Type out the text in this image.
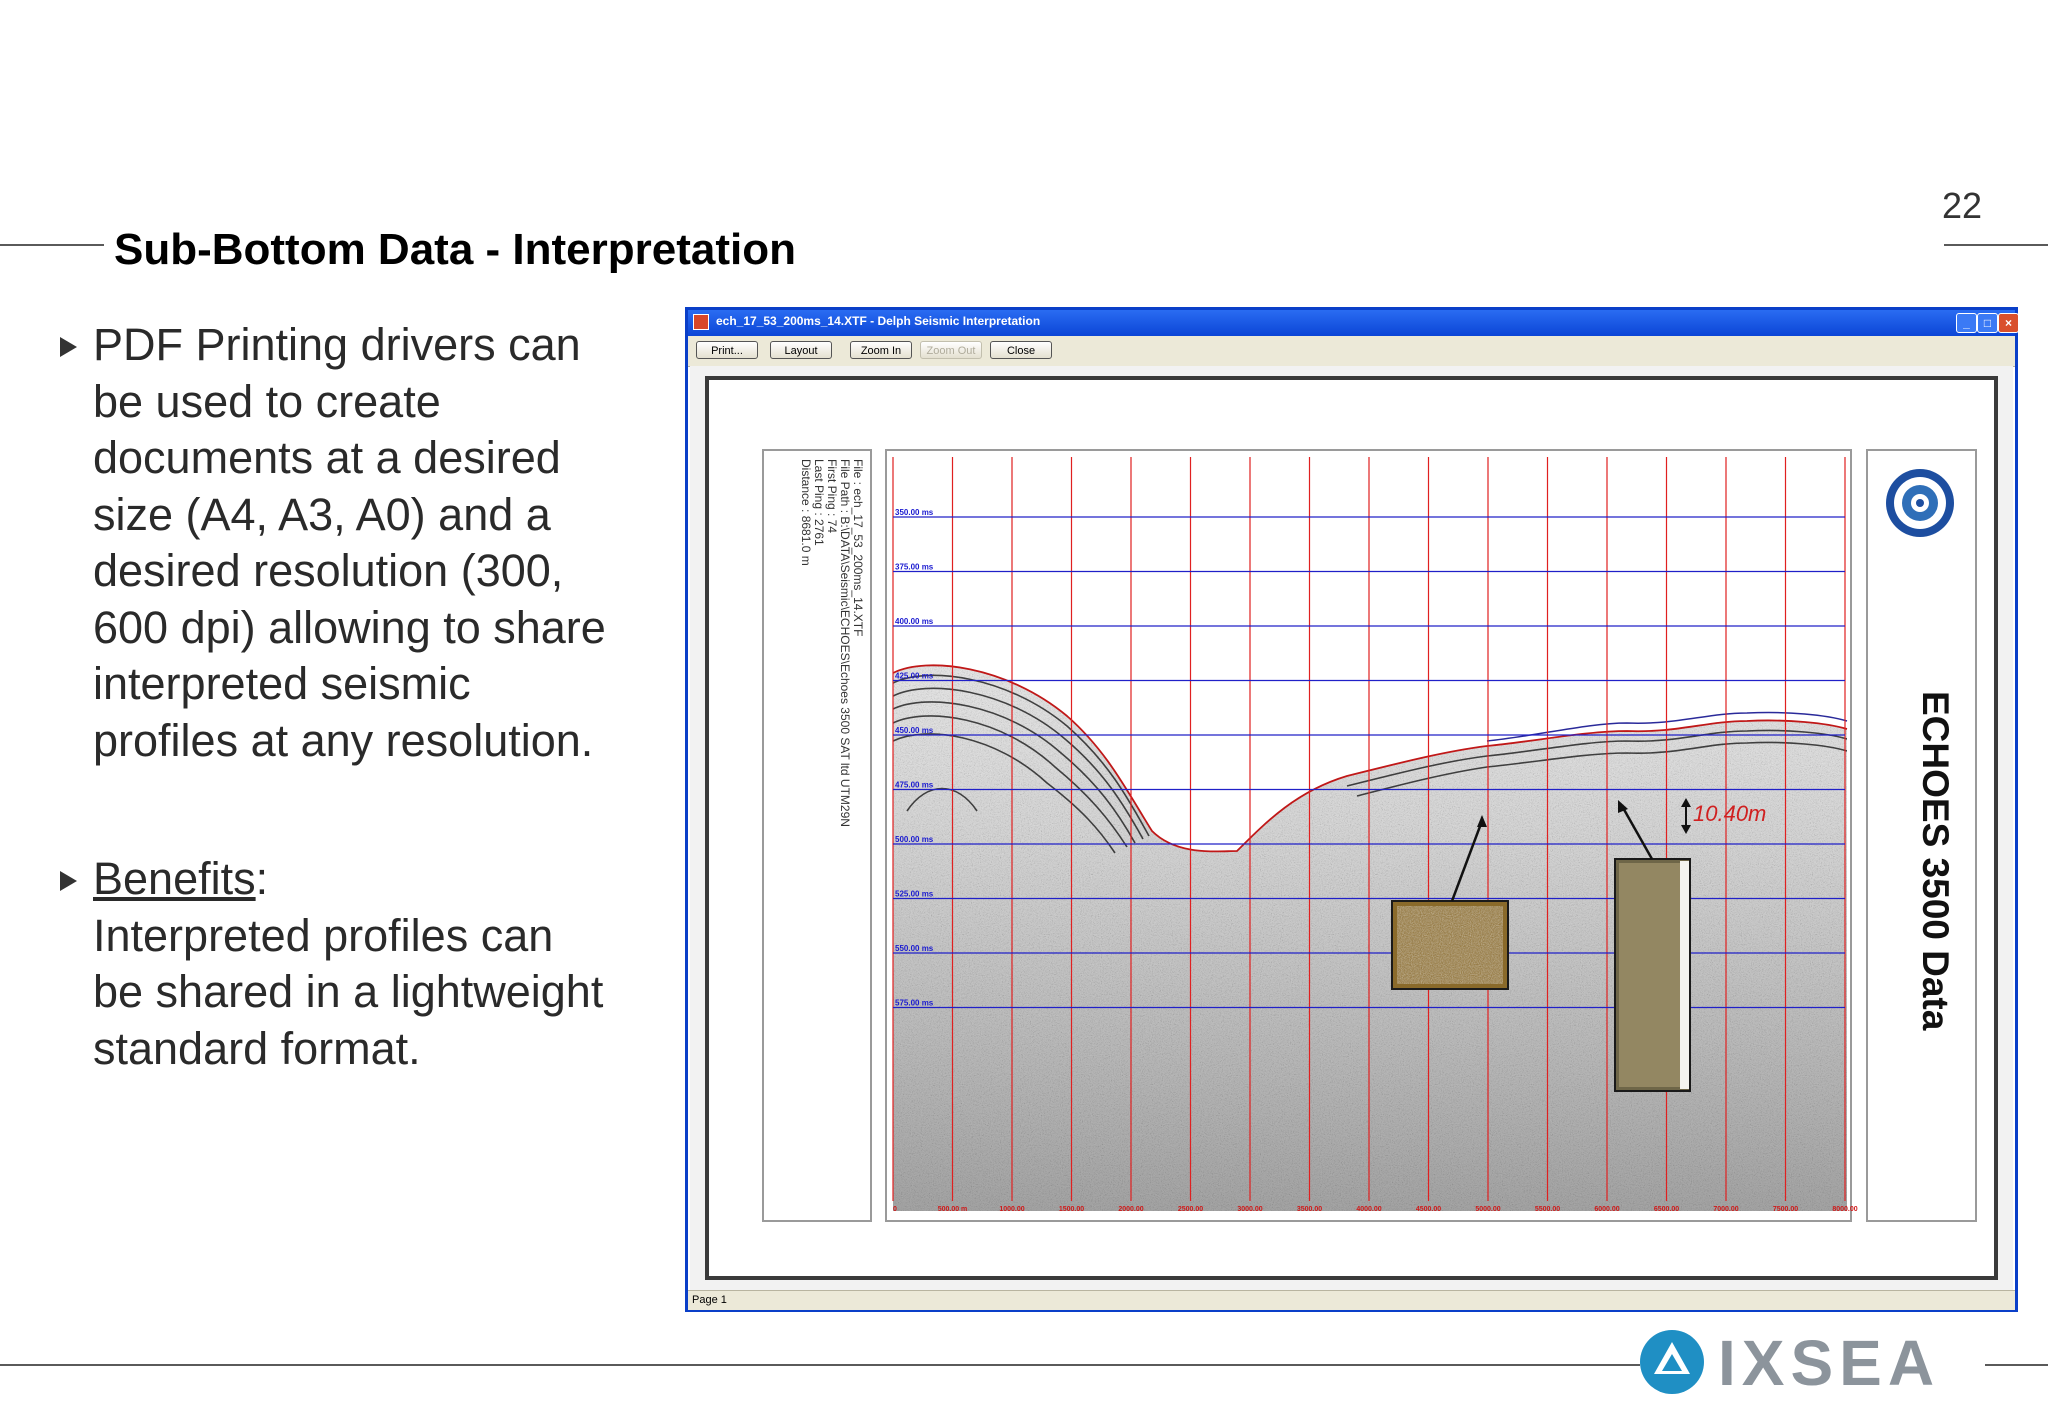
Sub-Bottom Data - Interpretation
22
PDF Printing drivers can
be used to create
documents at a desired
size (A4, A3, A0) and a
desired resolution (300,
600 dpi) allowing to share
interpreted seismic
profiles at any resolution.
Benefits:
Interpreted profiles can
be shared in a lightweight
standard format.
ech_17_53_200ms_14.XTF - Delph Seismic Interpretation	_	□	×
Print...	Layout	Zoom In	Zoom Out	Close
File : ech_17_53_200ms_14.XTF
File Path : B:\DATA\Seismic\ECHOES\Echoes 3500 SAT ltd UTM29N
First Ping : 74
Last Ping : 2761
Distance : 8681.0 m	350.00 ms
375.00 ms
400.00 ms
425.00 ms
450.00 ms
475.00 ms
500.00 ms
525.00 ms
550.00 ms
575.00 ms
0	500.00 m	1000.00	1500.00	2000.00	2500.00	3000.00	3500.00	4000.00	4500.00	5000.00	5500.00	6000.00	6500.00	7000.00	7500.00	8000.00
10.40m	ECHOES 3500 Data
Page 1
IXSEA
